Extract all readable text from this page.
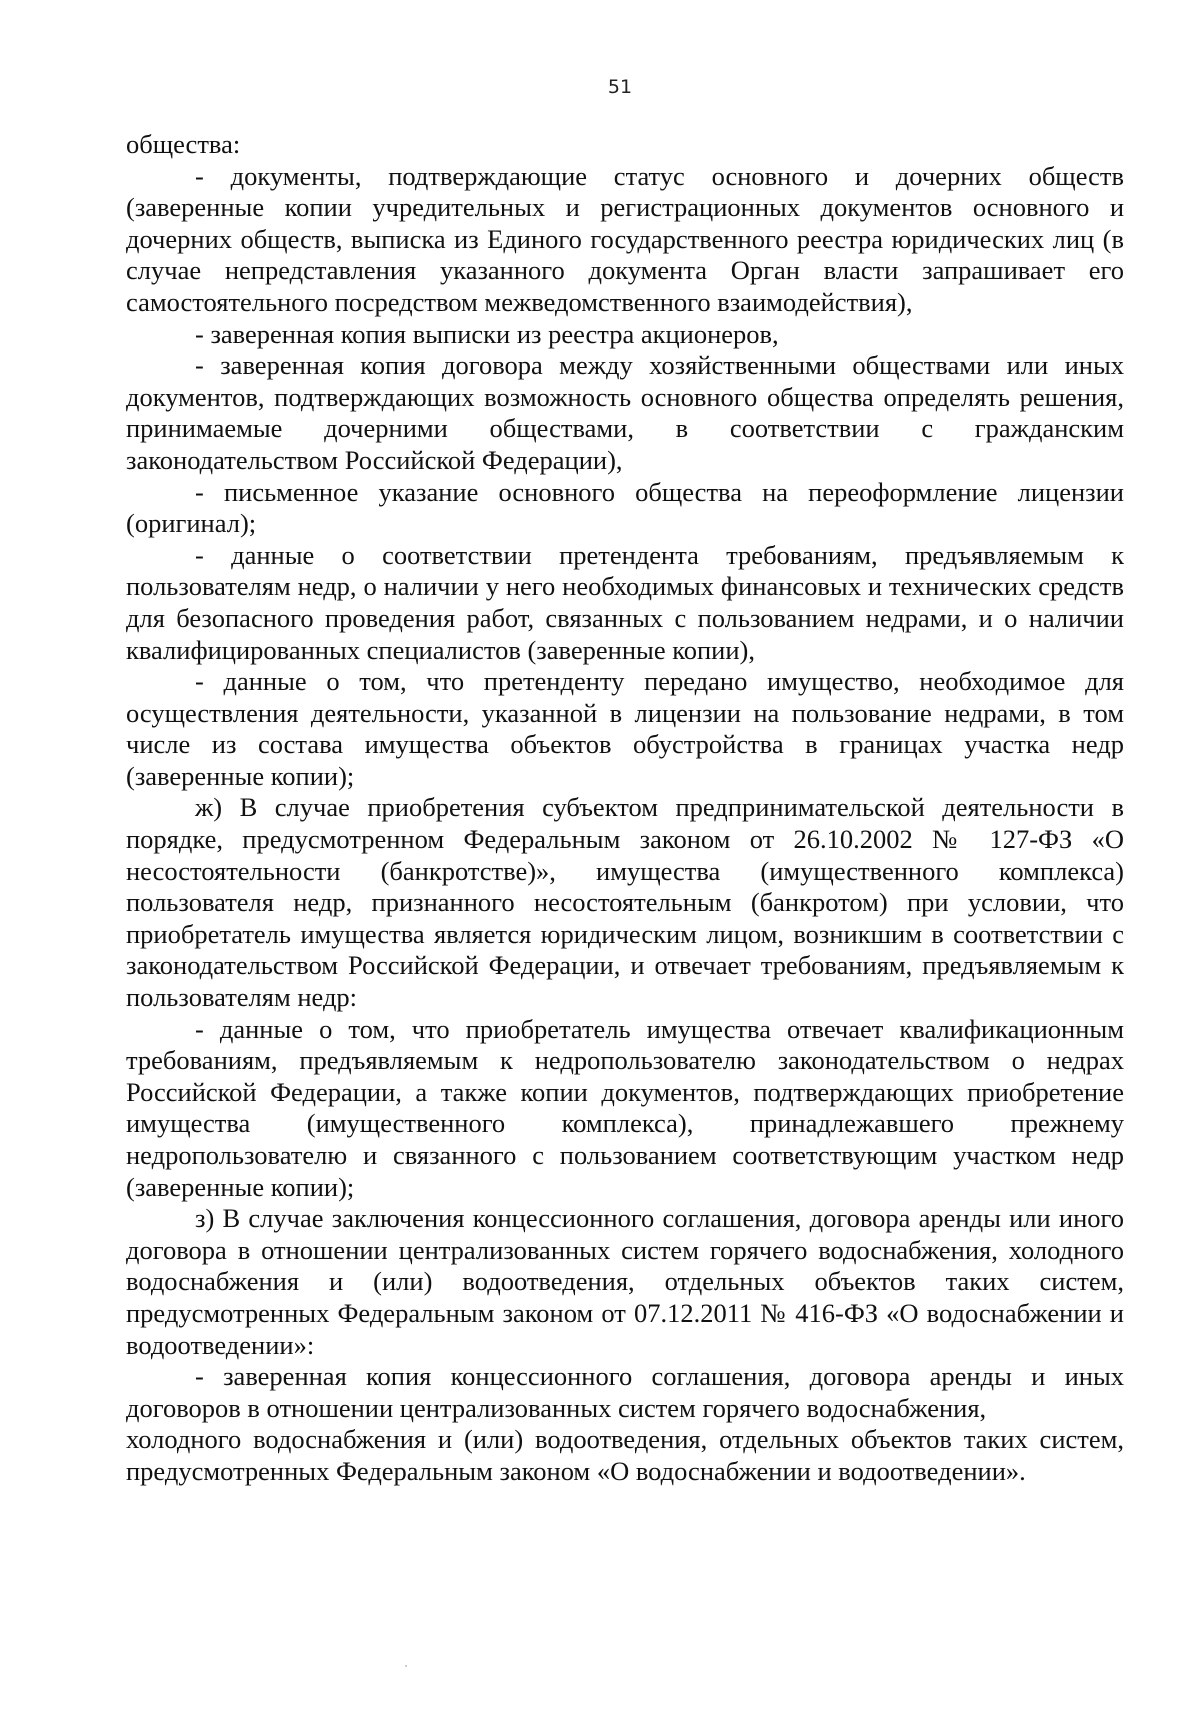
51

общества:

- документы, подтверждающие статус основного и дочерних обществ (заверенные копии учредительных и регистрационных документов основного и дочерних обществ, выписка из Единого государственного реестра юридических лиц (в случае непредставления указанного документа Орган власти запрашивает его самостоятельного посредством межведомственного взаимодействия),

- заверенная копия выписки из реестра акционеров,

- заверенная копия договора между хозяйственными обществами или иных документов, подтверждающих возможность основного общества определять решения, принимаемые дочерними обществами, в соответствии с гражданским законодательством Российской Федерации),

- письменное указание основного общества на переоформление лицензии (оригинал);

- данные о соответствии претендента требованиям, предъявляемым к пользователям недр, о наличии у него необходимых финансовых и технических средств для безопасного проведения работ, связанных с пользованием недрами, и о наличии квалифицированных специалистов (заверенные копии),

- данные о том, что претенденту передано имущество, необходимое для осуществления деятельности, указанной в лицензии на пользование недрами, в том числе из состава имущества объектов обустройства в границах участка недр (заверенные копии);

ж) В случае приобретения субъектом предпринимательской деятельности в порядке, предусмотренном Федеральным законом от 26.10.2002 № 127-ФЗ «О несостоятельности (банкротстве)», имущества (имущественного комплекса) пользователя недр, признанного несостоятельным (банкротом) при условии, что приобретатель имущества является юридическим лицом, возникшим в соответствии с законодательством Российской Федерации, и отвечает требованиям, предъявляемым к пользователям недр:

- данные о том, что приобретатель имущества отвечает квалификационным требованиям, предъявляемым к недропользователю законодательством о недрах Российской Федерации, а также копии документов, подтверждающих приобретение имущества (имущественного комплекса), принадлежавшего прежнему недропользователю и связанного с пользованием соответствующим участком недр (заверенные копии);

з) В случае заключения концессионного соглашения, договора аренды или иного договора в отношении централизованных систем горячего водоснабжения, холодного водоснабжения и (или) водоотведения, отдельных объектов таких систем, предусмотренных Федеральным законом от 07.12.2011 № 416-ФЗ «О водоснабжении и водоотведении»:

- заверенная копия концессионного соглашения, договора аренды и иных договоров в отношении централизованных систем горячего водоснабжения,

холодного водоснабжения и (или) водоотведения, отдельных объектов таких систем, предусмотренных Федеральным законом «О водоснабжении и водоотведении».
